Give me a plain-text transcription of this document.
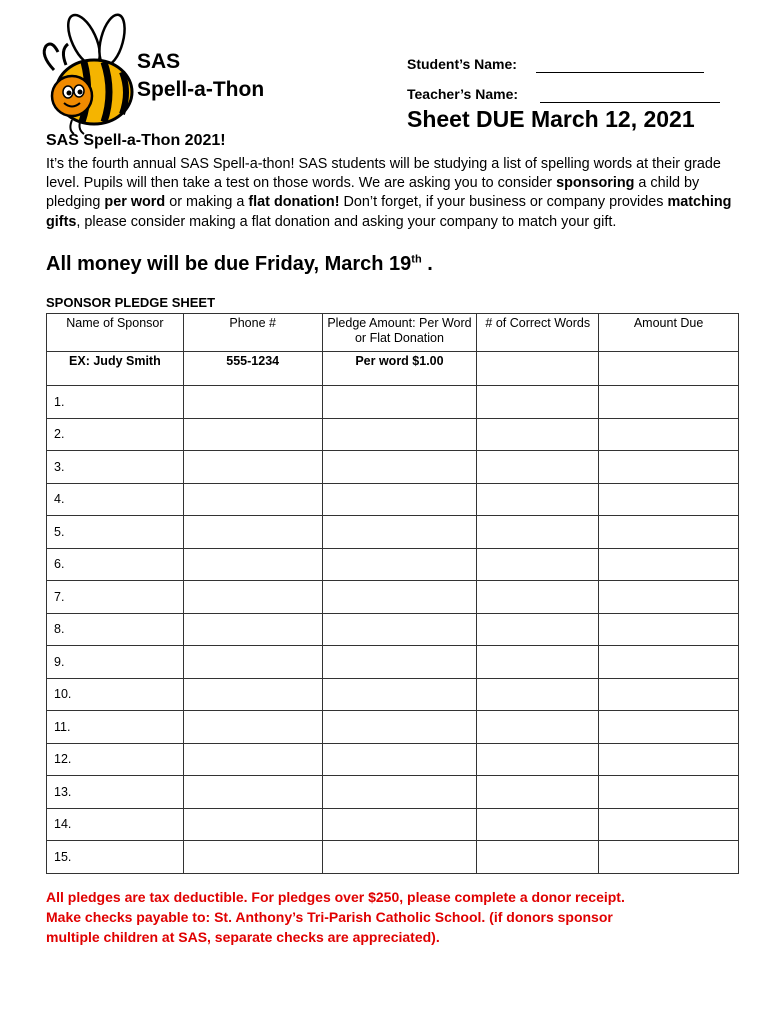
SAS
Spell-a-Thon
Student’s Name:
Teacher’s Name:
Sheet DUE March 12, 2021
SAS Spell-a-Thon 2021!
It’s the fourth annual SAS Spell-a-thon! SAS students will be studying a list of spelling words at their grade level. Pupils will then take a test on those words. We are asking you to consider sponsoring a child by pledging per word or making a flat donation! Don’t forget, if your business or company provides matching gifts, please consider making a flat donation and asking your company to match your gift.
All money will be due Friday, March 19th .
SPONSOR PLEDGE SHEET
Name of Sponsor	Phone #	Pledge Amount: Per Word or Flat Donation	# of Correct Words	Amount Due
EX: Judy Smith	555-1234	Per word $1.00		
1.				
2.				
3.				
4.				
5.				
6.				
7.				
8.				
9.				
10.				
11.				
12.				
13.				
14.				
15.				
All pledges are tax deductible. For pledges over $250, please complete a donor receipt.
Make checks payable to: St. Anthony’s Tri-Parish Catholic School. (if donors sponsor
multiple children at SAS, separate checks are appreciated).
